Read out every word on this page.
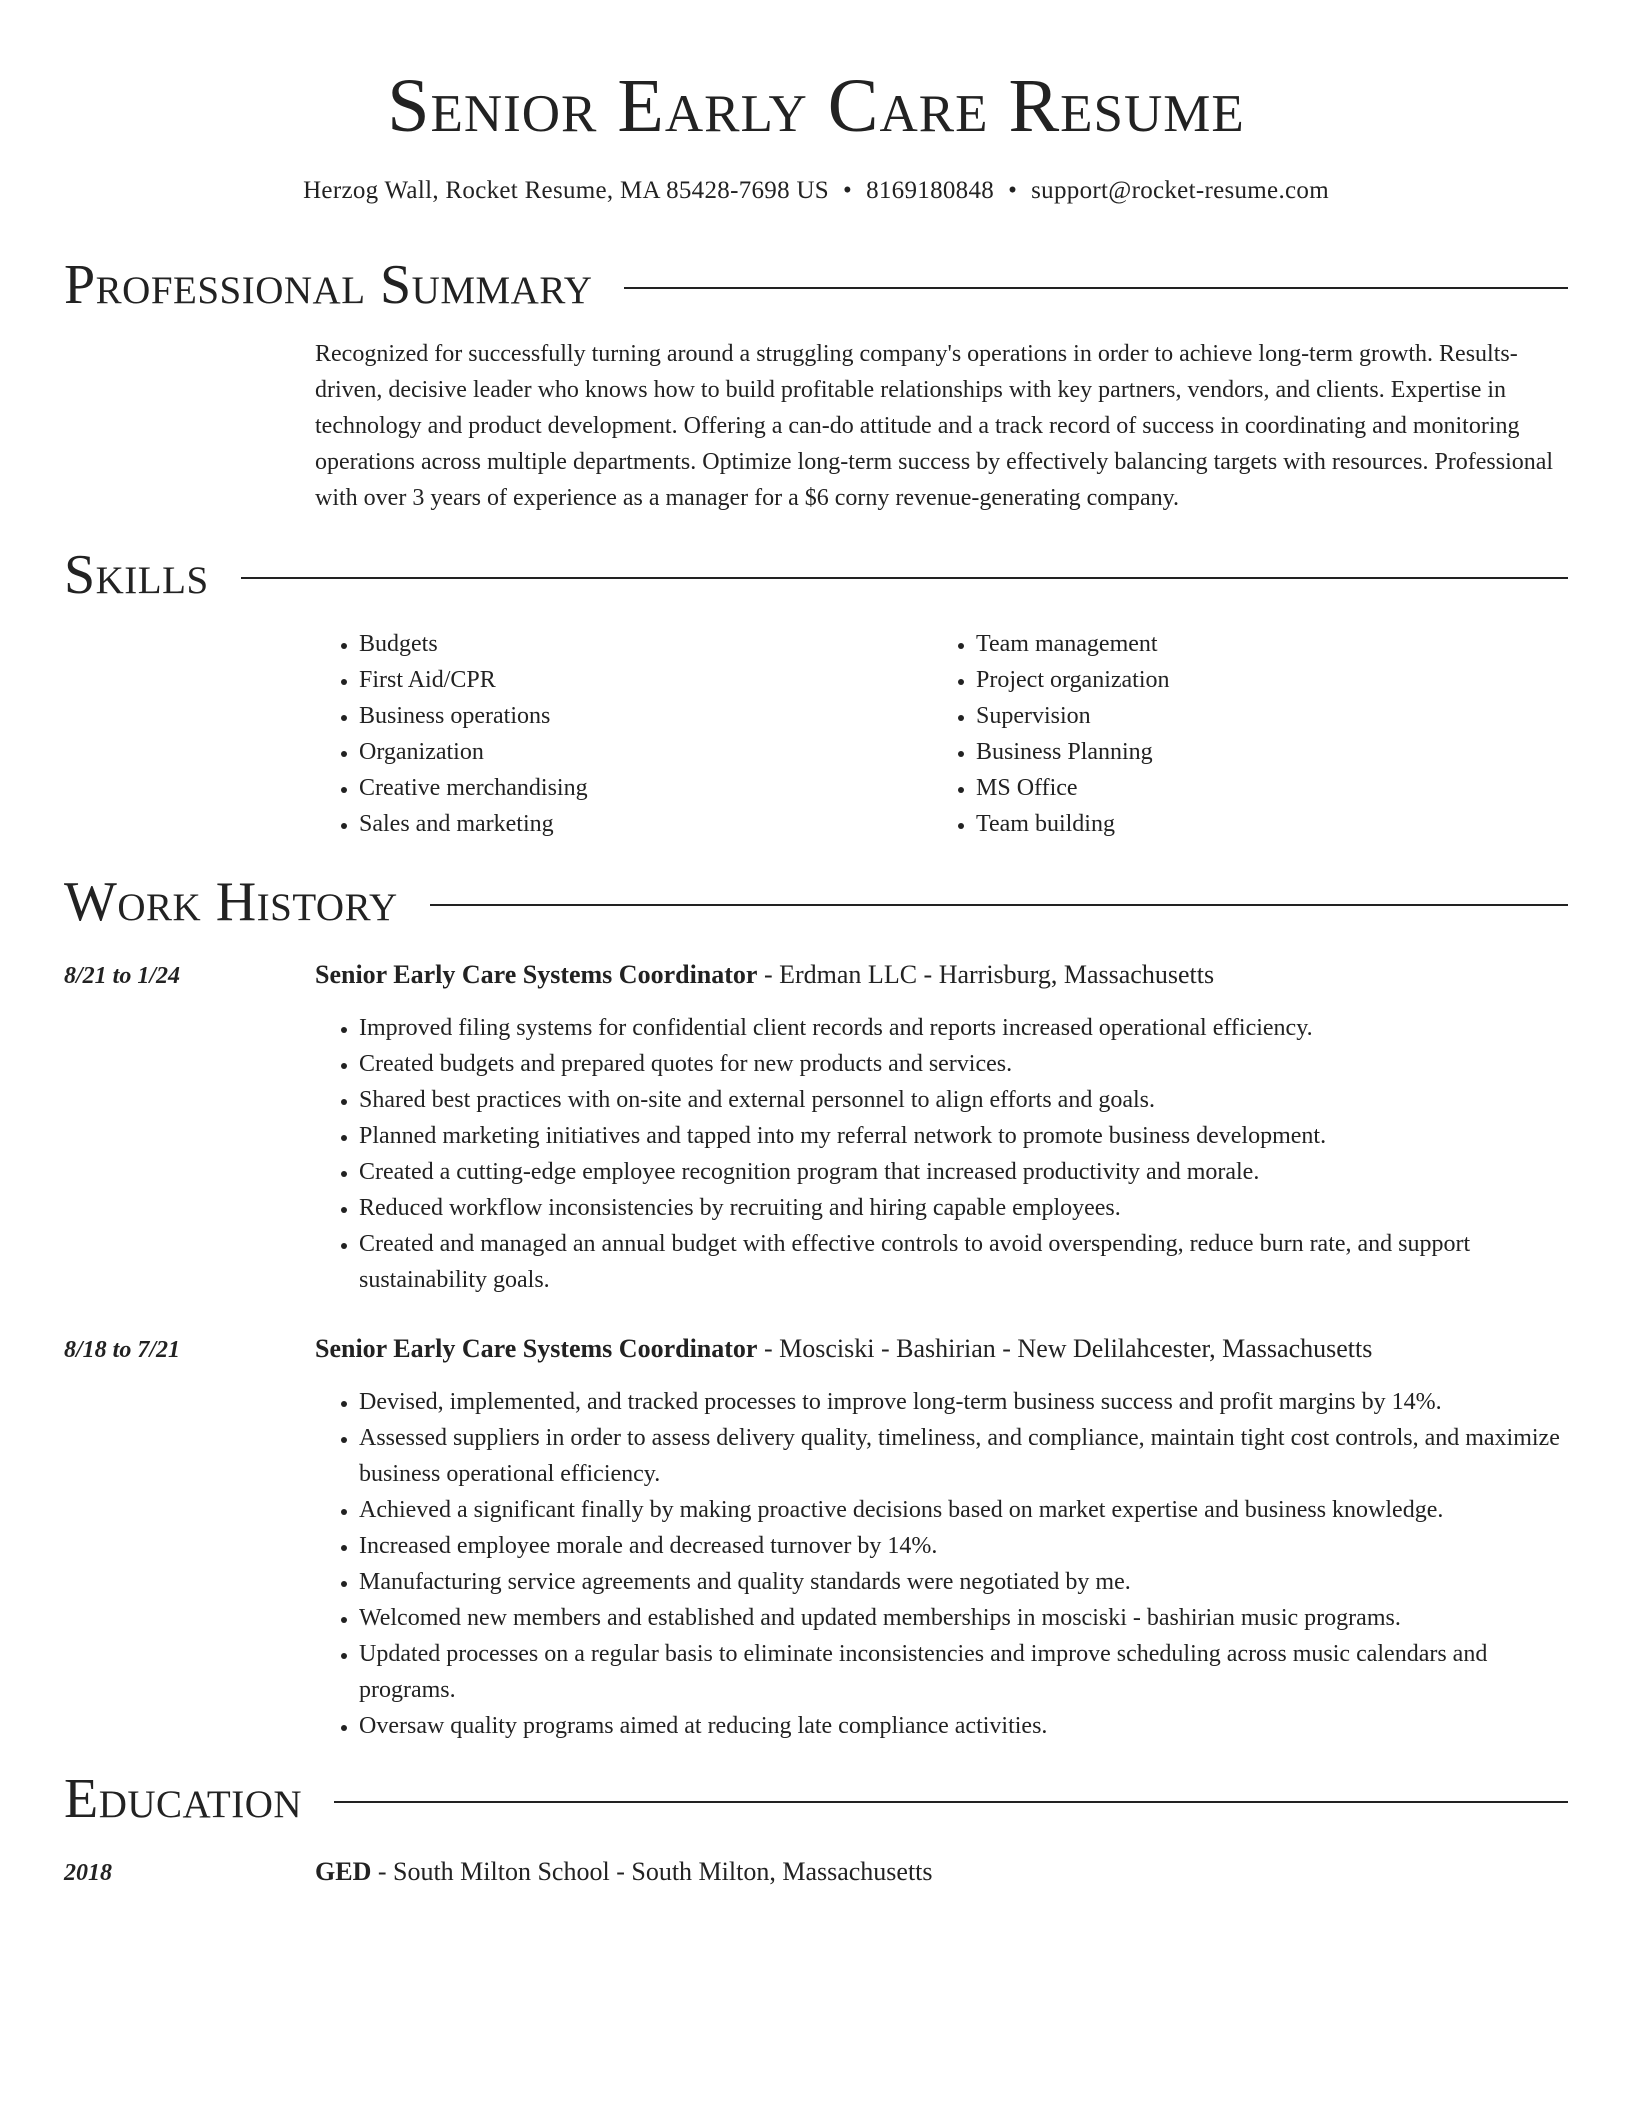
Senior Early Care Resume
Herzog Wall, Rocket Resume, MA 85428-7698 US • 8169180848 • support@rocket-resume.com
Professional Summary

Recognized for successfully turning around a struggling company's operations in order to achieve long-term growth. Results-driven, decisive leader who knows how to build profitable relationships with key partners, vendors, and clients. Expertise in technology and product development. Offering a can-do attitude and a track record of success in coordinating and monitoring operations across multiple departments. Optimize long-term success by effectively balancing targets with resources. Professional with over 3 years of experience as a manager for a $6 corny revenue-generating company.

Skills
• Budgets
• First Aid/CPR
• Business operations
• Organization
• Creative merchandising
• Sales and marketing
• Team management
• Project organization
• Supervision
• Business Planning
• MS Office
• Team building
Work History
8/21 to 1/24	Senior Early Care Systems Coordinator - Erdman LLC - Harrisburg, Massachusetts
• Improved filing systems for confidential client records and reports increased operational efficiency.
• Created budgets and prepared quotes for new products and services.
• Shared best practices with on-site and external personnel to align efforts and goals.
• Planned marketing initiatives and tapped into my referral network to promote business development.
• Created a cutting-edge employee recognition program that increased productivity and morale.
• Reduced workflow inconsistencies by recruiting and hiring capable employees.
• Created and managed an annual budget with effective controls to avoid overspending, reduce burn rate, and support sustainability goals.
8/18 to 7/21	Senior Early Care Systems Coordinator - Mosciski - Bashirian - New Delilahcester, Massachusetts
• Devised, implemented, and tracked processes to improve long-term business success and profit margins by 14%.
• Assessed suppliers in order to assess delivery quality, timeliness, and compliance, maintain tight cost controls, and maximize business operational efficiency.
• Achieved a significant finally by making proactive decisions based on market expertise and business knowledge.
• Increased employee morale and decreased turnover by 14%.
• Manufacturing service agreements and quality standards were negotiated by me.
• Welcomed new members and established and updated memberships in mosciski - bashirian music programs.
• Updated processes on a regular basis to eliminate inconsistencies and improve scheduling across music calendars and programs.
• Oversaw quality programs aimed at reducing late compliance activities.
Education
2018	GED - South Milton School - South Milton, Massachusetts
